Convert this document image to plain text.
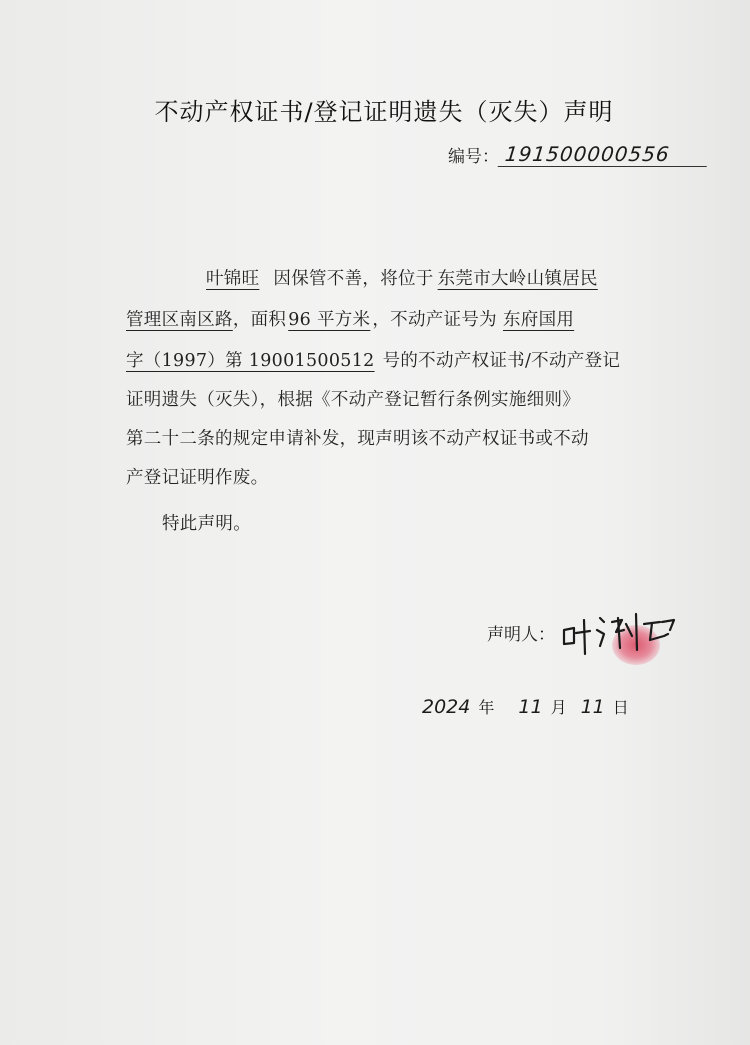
不动产权证书/登记证明遗失（灭失）声明
编号： 191500000556
叶锦旺 因保管不善，将位于 东莞市大岭山镇居民
管理区南区路，面积 96 平方米 ，不动产证号为 东府国用
字（1997）第 19001500512 号的不动产权证书/不动产登记
证明遗失（灭失），根据《不动产登记暂行条例实施细则》
第二十二条的规定申请补发，现声明该不动产权证书或不动
产登记证明作废。
特此声明。
声明人：
2024 年 11 月 11 日
